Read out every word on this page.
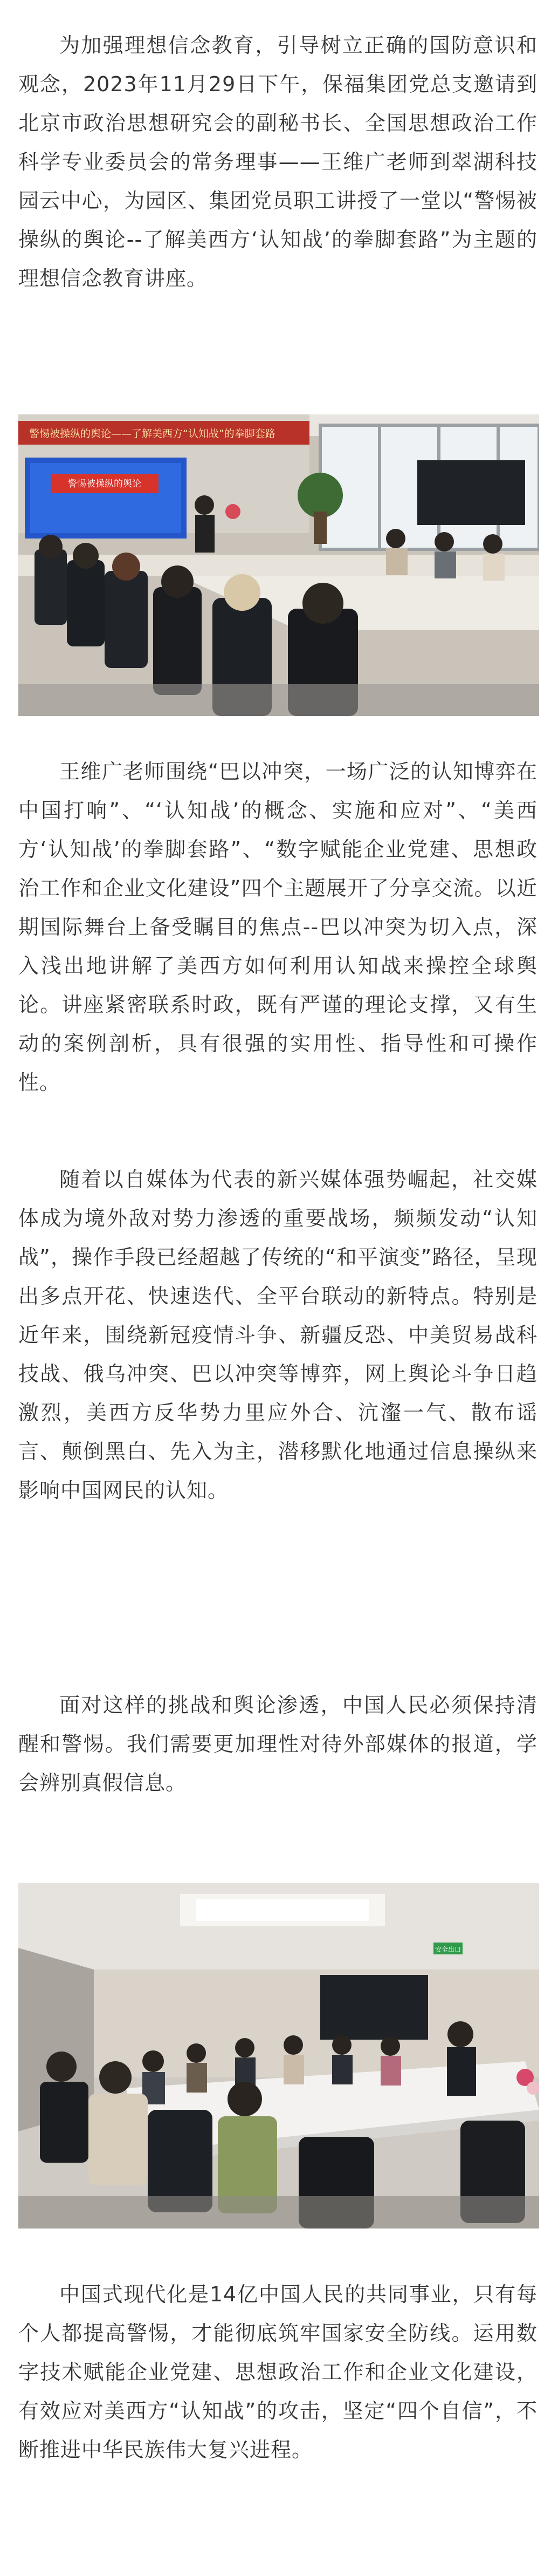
为加强理想信念教育，引导树立正确的国防意识和观念，2023年11月29日下午，保福集团党总支邀请到北京市政治思想研究会的副秘书长、全国思想政治工作科学专业委员会的常务理事——王维广老师到翠湖科技园云中心，为园区、集团党员职工讲授了一堂以“警惕被操纵的舆论--了解美西方‘认知战’的拳脚套路”为主题的理想信念教育讲座。

警惕被操纵的舆论——了解美西方“认知战”的拳脚套路
警惕被操纵的舆论

王维广老师围绕“巴以冲突，一场广泛的认知博弈在中国打响”、“‘认知战’的概念、实施和应对”、“美西方‘认知战’的拳脚套路”、“数字赋能企业党建、思想政治工作和企业文化建设”四个主题展开了分享交流。以近期国际舞台上备受瞩目的焦点--巴以冲突为切入点，深入浅出地讲解了美西方如何利用认知战来操控全球舆论。讲座紧密联系时政，既有严谨的理论支撑，又有生动的案例剖析，具有很强的实用性、指导性和可操作性。

随着以自媒体为代表的新兴媒体强势崛起，社交媒体成为境外敌对势力渗透的重要战场，频频发动“认知战”，操作手段已经超越了传统的“和平演变”路径，呈现出多点开花、快速迭代、全平台联动的新特点。特别是近年来，围绕新冠疫情斗争、新疆反恐、中美贸易战科技战、俄乌冲突、巴以冲突等博弈，网上舆论斗争日趋激烈，美西方反华势力里应外合、沆瀣一气、散布谣言、颠倒黑白、先入为主，潜移默化地通过信息操纵来影响中国网民的认知。

面对这样的挑战和舆论渗透，中国人民必须保持清醒和警惕。我们需要更加理性对待外部媒体的报道，学会辨别真假信息。

安全出口

中国式现代化是14亿中国人民的共同事业，只有每个人都提高警惕，才能彻底筑牢国家安全防线。运用数字技术赋能企业党建、思想政治工作和企业文化建设，有效应对美西方“认知战”的攻击，坚定“四个自信”，不断推进中华民族伟大复兴进程。
